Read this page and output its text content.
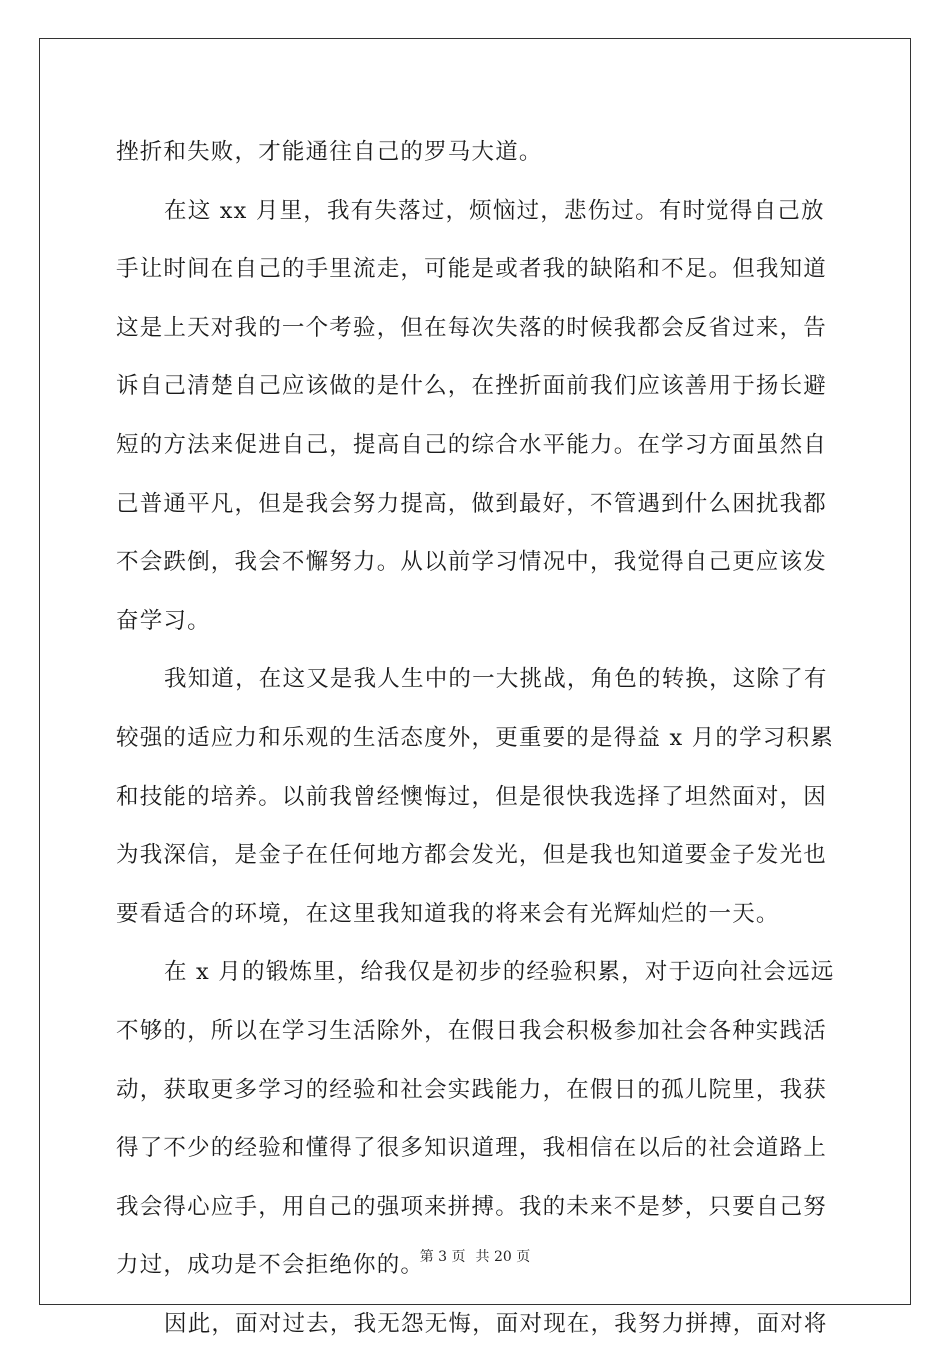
挫折和失败，才能通往自己的罗马大道。
在这 xx 月里，我有失落过，烦恼过，悲伤过。有时觉得自己放
手让时间在自己的手里流走，可能是或者我的缺陷和不足。但我知道
这是上天对我的一个考验，但在每次失落的时候我都会反省过来，告
诉自己清楚自己应该做的是什么，在挫折面前我们应该善用于扬长避
短的方法来促进自己，提高自己的综合水平能力。在学习方面虽然自
己普通平凡，但是我会努力提高，做到最好，不管遇到什么困扰我都
不会跌倒，我会不懈努力。从以前学习情况中，我觉得自己更应该发
奋学习。
我知道，在这又是我人生中的一大挑战，角色的转换，这除了有
较强的适应力和乐观的生活态度外，更重要的是得益 x 月的学习积累
和技能的培养。以前我曾经懊悔过，但是很快我选择了坦然面对，因
为我深信，是金子在任何地方都会发光，但是我也知道要金子发光也
要看适合的环境，在这里我知道我的将来会有光辉灿烂的一天。
在 x 月的锻炼里，给我仅是初步的经验积累，对于迈向社会远远
不够的，所以在学习生活除外，在假日我会积极参加社会各种实践活
动，获取更多学习的经验和社会实践能力，在假日的孤儿院里，我获
得了不少的经验和懂得了很多知识道理，我相信在以后的社会道路上
我会得心应手，用自己的强项来拼搏。我的未来不是梦，只要自己努
力过，成功是不会拒绝你的。
因此，面对过去，我无怨无悔，面对现在，我努力拼搏，面对将
第 3 页 共 20 页
